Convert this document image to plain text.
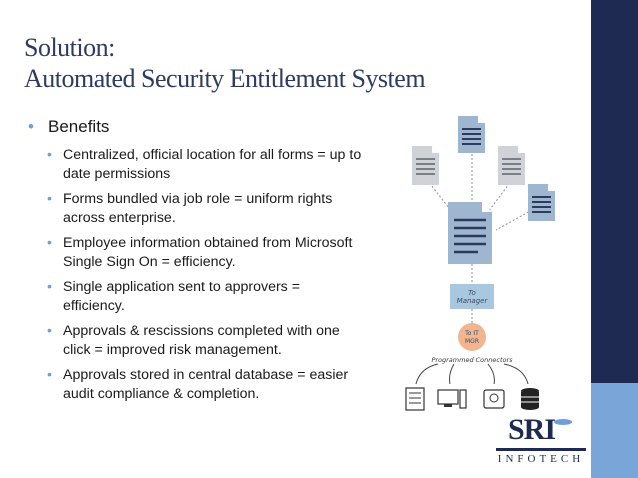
Solution:
Automated Security Entitlement System
• Benefits
• Centralized, official location for all forms = up to date permissions
• Forms bundled via job role = uniform rights across enterprise.
• Employee information obtained from Microsoft Single Sign On = efficiency.
• Single application sent to approvers = efficiency.
• Approvals & rescissions completed with one click = improved risk management.
• Approvals stored in central database = easier audit compliance & completion.
To Manager
To IT
MGR
Programmed Connectors
SRI
INFOTECH
